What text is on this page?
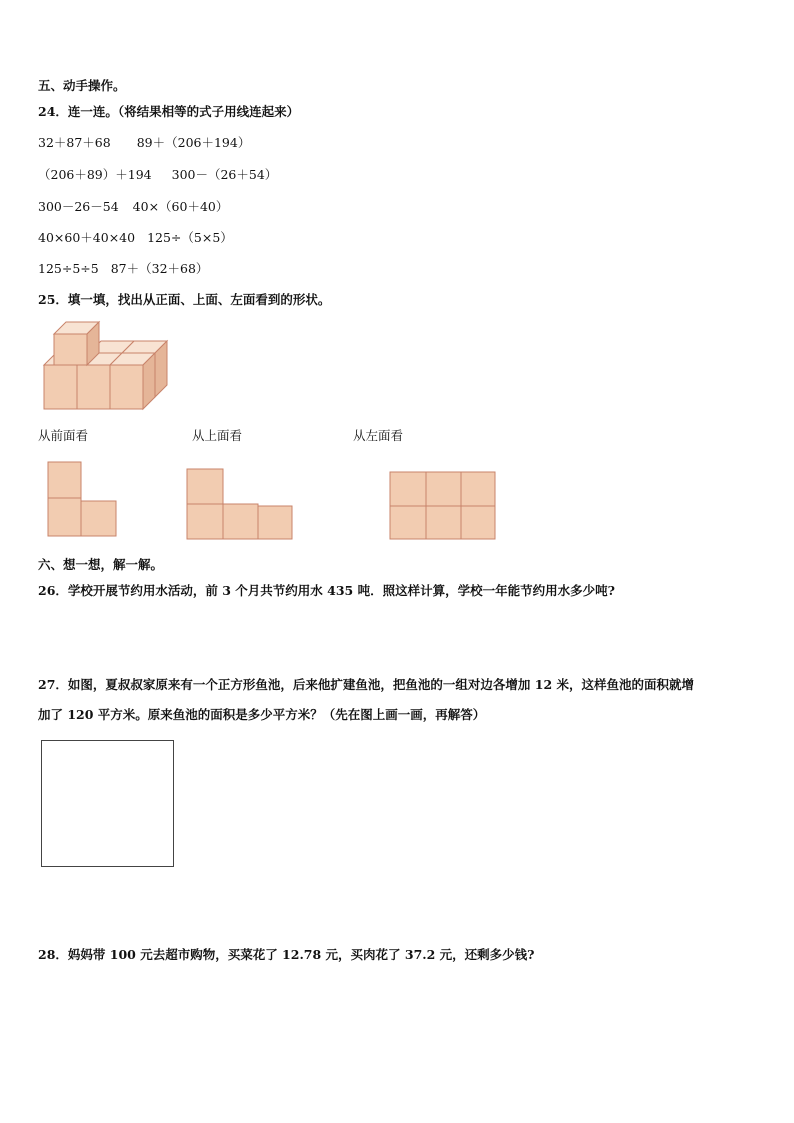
五、动手操作。
24．连一连。（将结果相等的式子用线连起来）
32＋87＋68 89＋（206＋194）
（206＋89）＋194 300－（26＋54）
300－26－54 40×（60＋40）
40×60＋40×40 125÷（5×5）
125÷5÷5 87＋（32＋68）
25．填一填，找出从正面、上面、左面看到的形状。
从前面看	从上面看	从左面看
六、想一想，解一解。
26．学校开展节约用水活动，前 3 个月共节约用水 435 吨．照这样计算，学校一年能节约用水多少吨?
27．如图，夏叔叔家原来有一个正方形鱼池，后来他扩建鱼池，把鱼池的一组对边各增加 12 米，这样鱼池的面积就增
加了 120 平方米。原来鱼池的面积是多少平方米？（先在图上画一画，再解答）
28．妈妈带 100 元去超市购物，买菜花了 12.78 元，买肉花了 37.2 元，还剩多少钱?
